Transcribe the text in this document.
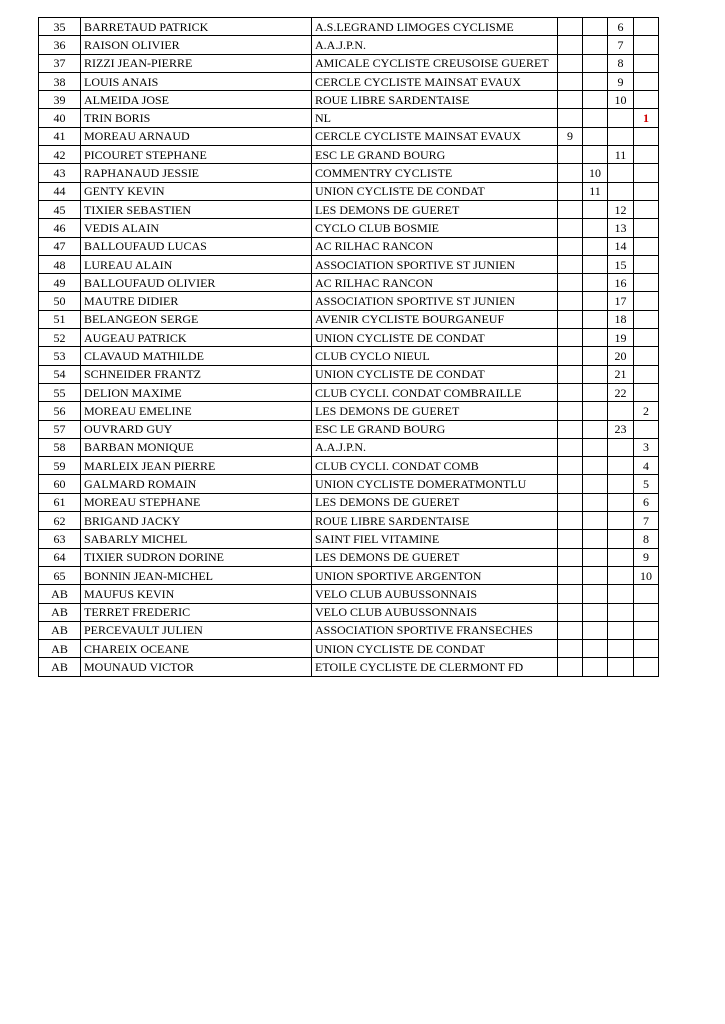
35	BARRETAUD PATRICK	A.S.LEGRAND LIMOGES CYCLISME			6	
36	RAISON OLIVIER	A.A.J.P.N.			7	
37	RIZZI JEAN-PIERRE	AMICALE CYCLISTE CREUSOISE GUERET			8	
38	LOUIS ANAIS	CERCLE CYCLISTE MAINSAT EVAUX			9	
39	ALMEIDA JOSE	ROUE LIBRE SARDENTAISE			10	
40	TRIN BORIS	NL				1
41	MOREAU ARNAUD	CERCLE CYCLISTE MAINSAT EVAUX	9			
42	PICOURET STEPHANE	ESC LE GRAND BOURG			11	
43	RAPHANAUD JESSIE	COMMENTRY CYCLISTE		10		
44	GENTY KEVIN	UNION CYCLISTE DE CONDAT		11		
45	TIXIER SEBASTIEN	LES DEMONS DE GUERET			12	
46	VEDIS ALAIN	CYCLO CLUB BOSMIE			13	
47	BALLOUFAUD LUCAS	AC RILHAC RANCON			14	
48	LUREAU ALAIN	ASSOCIATION SPORTIVE ST JUNIEN			15	
49	BALLOUFAUD OLIVIER	AC RILHAC RANCON			16	
50	MAUTRE DIDIER	ASSOCIATION SPORTIVE ST JUNIEN			17	
51	BELANGEON SERGE	AVENIR CYCLISTE BOURGANEUF			18	
52	AUGEAU PATRICK	UNION CYCLISTE DE CONDAT			19	
53	CLAVAUD MATHILDE	CLUB CYCLO NIEUL			20	
54	SCHNEIDER FRANTZ	UNION CYCLISTE DE CONDAT			21	
55	DELION MAXIME	CLUB CYCLI. CONDAT COMBRAILLE			22	
56	MOREAU EMELINE	LES DEMONS DE GUERET				2
57	OUVRARD GUY	ESC LE GRAND BOURG			23	
58	BARBAN MONIQUE	A.A.J.P.N.				3
59	MARLEIX JEAN PIERRE	CLUB CYCLI. CONDAT COMB				4
60	GALMARD ROMAIN	UNION CYCLISTE DOMERATMONTLU				5
61	MOREAU STEPHANE	LES DEMONS DE GUERET				6
62	BRIGAND JACKY	ROUE LIBRE SARDENTAISE				7
63	SABARLY MICHEL	SAINT FIEL VITAMINE				8
64	TIXIER SUDRON DORINE	LES DEMONS DE GUERET				9
65	BONNIN JEAN-MICHEL	UNION SPORTIVE ARGENTON				10
AB	MAUFUS KEVIN	VELO CLUB AUBUSSONNAIS				
AB	TERRET FREDERIC	VELO CLUB AUBUSSONNAIS				
AB	PERCEVAULT JULIEN	ASSOCIATION SPORTIVE FRANSECHES				
AB	CHAREIX OCEANE	UNION CYCLISTE DE CONDAT				
AB	MOUNAUD VICTOR	ETOILE CYCLISTE DE CLERMONT FD				
